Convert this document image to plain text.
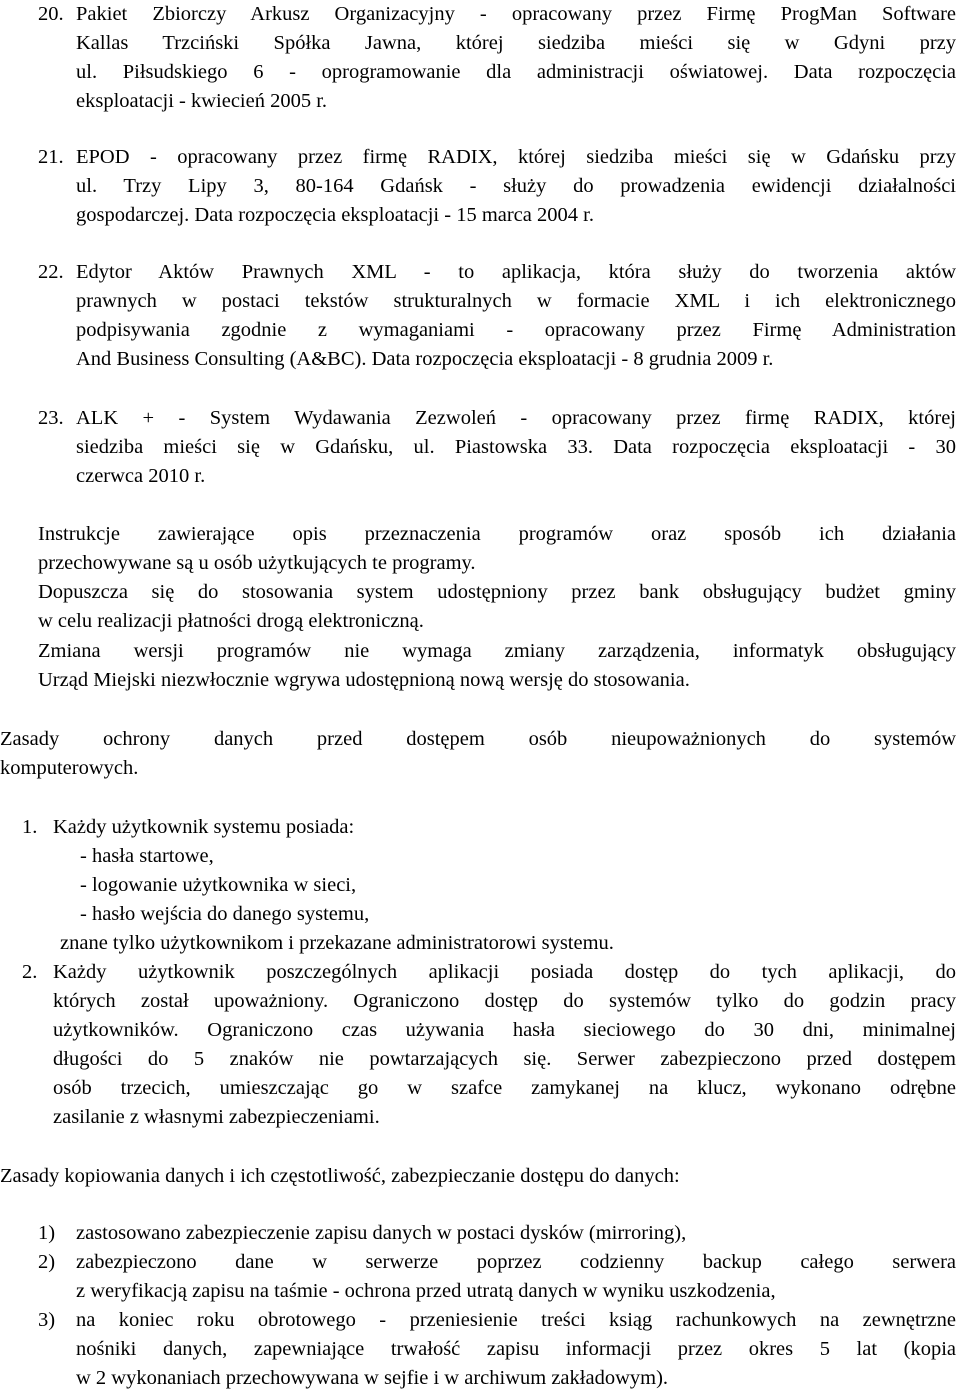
20. Pakiet Zbiorczy Arkusz Organizacyjny - opracowany przez Firmę ProgMan Software
Kallas Trzciński Spółka Jawna, której siedziba mieści się w Gdyni przy
ul. Piłsudskiego 6 - oprogramowanie dla administracji oświatowej. Data rozpoczęcia
eksploatacji - kwiecień 2005 r.
21. EPOD - opracowany przez firmę RADIX, której siedziba mieści się w Gdańsku przy
ul. Trzy Lipy 3, 80-164 Gdańsk - służy do prowadzenia ewidencji działalności
gospodarczej. Data rozpoczęcia eksploatacji - 15 marca 2004 r.
22. Edytor Aktów Prawnych XML - to aplikacja, która służy do tworzenia aktów
prawnych w postaci tekstów strukturalnych w formacie XML i ich elektronicznego
podpisywania zgodnie z wymaganiami - opracowany przez Firmę Administration
And Business Consulting (A&BC). Data rozpoczęcia eksploatacji - 8 grudnia 2009 r.
23. ALK + - System Wydawania Zezwoleń - opracowany przez firmę RADIX, której
siedziba mieści się w Gdańsku, ul. Piastowska 33. Data rozpoczęcia eksploatacji - 30
czerwca 2010 r.
Instrukcje zawierające opis przeznaczenia programów oraz sposób ich działania
przechowywane są u osób użytkujących te programy.
Dopuszcza się do stosowania system udostępniony przez bank obsługujący budżet gminy
w celu realizacji płatności drogą elektroniczną.
Zmiana wersji programów nie wymaga zmiany zarządzenia, informatyk obsługujący
Urząd Miejski niezwłocznie wgrywa udostępnioną nową wersję do stosowania.
Zasady ochrony danych przed dostępem osób nieupoważnionych do systemów
komputerowych.
1. Każdy użytkownik systemu posiada:
- hasła startowe,
- logowanie użytkownika w sieci,
- hasło wejścia do danego systemu,
znane tylko użytkownikom i przekazane administratorowi systemu.
2. Każdy użytkownik poszczególnych aplikacji posiada dostęp do tych aplikacji, do
których został upoważniony. Ograniczono dostęp do systemów tylko do godzin pracy
użytkowników. Ograniczono czas używania hasła sieciowego do 30 dni, minimalnej
długości do 5 znaków nie powtarzających się. Serwer zabezpieczono przed dostępem
osób trzecich, umieszczając go w szafce zamykanej na klucz, wykonano odrębne
zasilanie z własnymi zabezpieczeniami.
Zasady kopiowania danych i ich częstotliwość, zabezpieczanie dostępu do danych:
1) zastosowano zabezpieczenie zapisu danych w postaci dysków (mirroring),
2) zabezpieczono dane w serwerze poprzez codzienny backup całego serwera
z weryfikacją zapisu na taśmie - ochrona przed utratą danych w wyniku uszkodzenia,
3) na koniec roku obrotowego - przeniesienie treści ksiąg rachunkowych na zewnętrzne
nośniki danych, zapewniające trwałość zapisu informacji przez okres 5 lat (kopia
w 2 wykonaniach przechowywana w sejfie i w archiwum zakładowym).
